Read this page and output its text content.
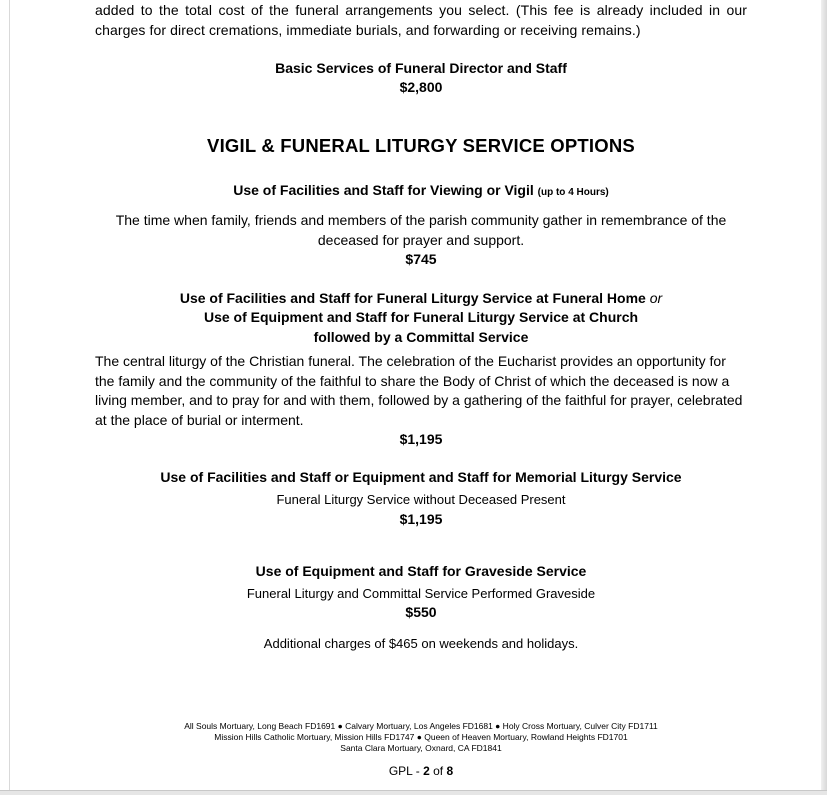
added to the total cost of the funeral arrangements you select. (This fee is already included in our charges for direct cremations, immediate burials, and forwarding or receiving remains.)
Basic Services of Funeral Director and Staff
$2,800
VIGIL & FUNERAL LITURGY SERVICE OPTIONS
Use of Facilities and Staff for Viewing or Vigil (up to 4 Hours)
The time when family, friends and members of the parish community gather in remembrance of the deceased for prayer and support.
$745
Use of Facilities and Staff for Funeral Liturgy Service at Funeral Home or
Use of Equipment and Staff for Funeral Liturgy Service at Church
followed by a Committal Service
The central liturgy of the Christian funeral. The celebration of the Eucharist provides an opportunity for the family and the community of the faithful to share the Body of Christ of which the deceased is now a living member, and to pray for and with them, followed by a gathering of the faithful for prayer, celebrated at the place of burial or interment.
$1,195
Use of Facilities and Staff or Equipment and Staff for Memorial Liturgy Service
Funeral Liturgy Service without Deceased Present
$1,195
Use of Equipment and Staff for Graveside Service
Funeral Liturgy and Committal Service Performed Graveside
$550
Additional charges of $465 on weekends and holidays.
All Souls Mortuary, Long Beach FD1691 ● Calvary Mortuary, Los Angeles FD1681 ● Holy Cross Mortuary, Culver City FD1711
Mission Hills Catholic Mortuary, Mission Hills FD1747 ● Queen of Heaven Mortuary, Rowland Heights FD1701
Santa Clara Mortuary, Oxnard, CA FD1841
GPL - 2 of 8
